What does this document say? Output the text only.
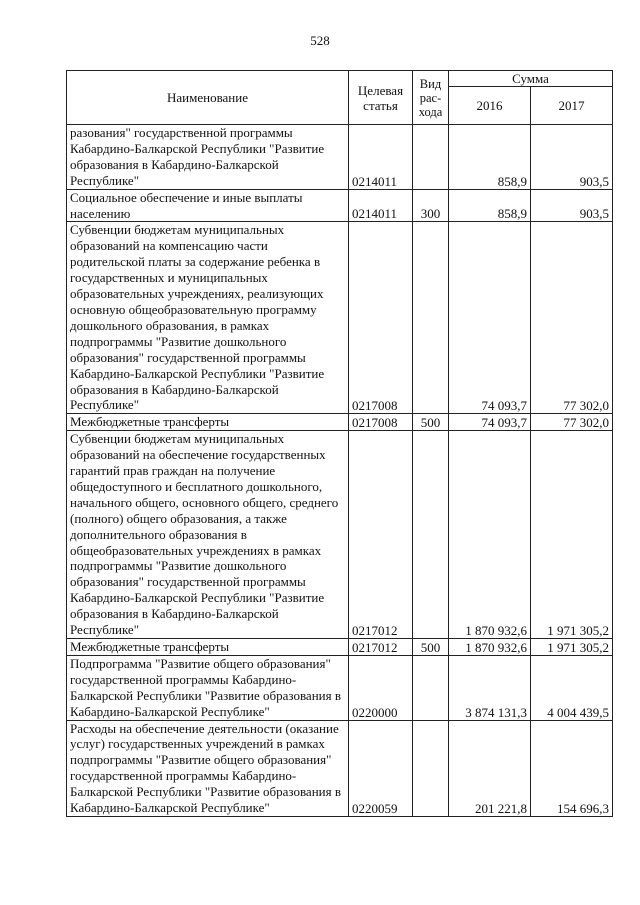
528
Наименование	Целевая статья	Вид рас-хода	Сумма	
			2016	2017
разования" государственной программы Кабардино-Балкарской Республики "Развитие образования в Кабардино-Балкарской Республике"	0214011		858,9	903,5
Социальное обеспечение и иные выплаты населению	0214011	300	858,9	903,5
Субвенции бюджетам муниципальных образований на компенсацию части родительской платы за содержание ребенка в государственных и муниципальных образовательных учреждениях, реализующих основную общеобразовательную программу дошкольного образования, в рамках подпрограммы "Развитие дошкольного образования" государственной программы Кабардино-Балкарской Республики "Развитие образования в Кабардино-Балкарской Республике"	0217008		74 093,7	77 302,0
Межбюджетные трансферты	0217008	500	74 093,7	77 302,0
Субвенции бюджетам муниципальных образований на обеспечение государственных гарантий прав граждан на получение общедоступного и бесплатного дошкольного, начального общего, основного общего, среднего (полного) общего образования, а также дополнительного образования в общеобразовательных учреждениях в рамках подпрограммы "Развитие дошкольного образования" государственной программы Кабардино-Балкарской Республики "Развитие образования в Кабардино-Балкарской Республике"	0217012		1 870 932,6	1 971 305,2
Межбюджетные трансферты	0217012	500	1 870 932,6	1 971 305,2
Подпрограмма "Развитие общего образования" государственной программы Кабардино-Балкарской Республики "Развитие образования в Кабардино-Балкарской Республике"	0220000		3 874 131,3	4 004 439,5
Расходы на обеспечение деятельности (оказание услуг) государственных учреждений в рамках подпрограммы "Развитие общего образования" государственной программы Кабардино-Балкарской Республики "Развитие образования в Кабардино-Балкарской Республике"	0220059		201 221,8	154 696,3
